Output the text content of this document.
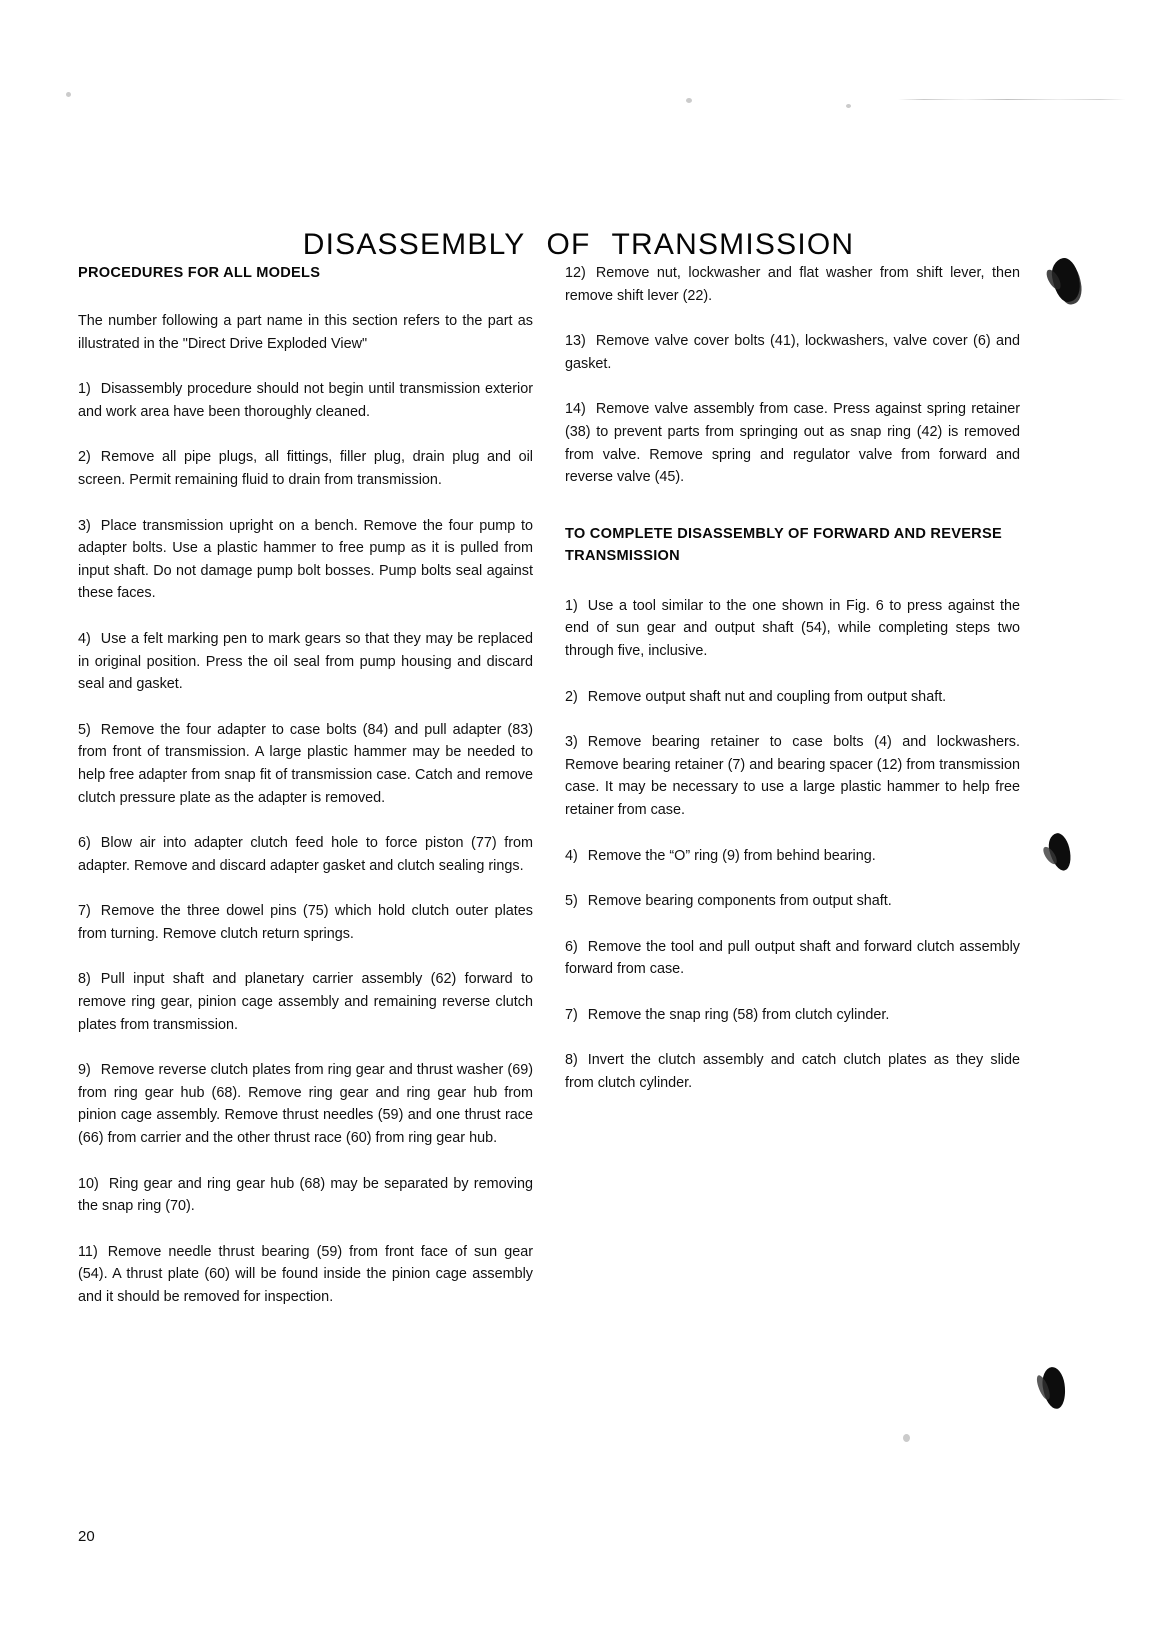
DISASSEMBLY OF TRANSMISSION
PROCEDURES FOR ALL MODELS

The number following a part name in this section refers to the part as illustrated in the "Direct Drive Exploded View"

1) Disassembly procedure should not begin until transmission exterior and work area have been thoroughly cleaned.

2) Remove all pipe plugs, all fittings, filler plug, drain plug and oil screen. Permit remaining fluid to drain from transmission.

3) Place transmission upright on a bench. Remove the four pump to adapter bolts. Use a plastic hammer to free pump as it is pulled from input shaft. Do not damage pump bolt bosses. Pump bolts seal against these faces.

4) Use a felt marking pen to mark gears so that they may be replaced in original position. Press the oil seal from pump housing and discard seal and gasket.

5) Remove the four adapter to case bolts (84) and pull adapter (83) from front of transmission. A large plastic hammer may be needed to help free adapter from snap fit of transmission case. Catch and remove clutch pressure plate as the adapter is removed.

6) Blow air into adapter clutch feed hole to force piston (77) from adapter. Remove and discard adapter gasket and clutch sealing rings.

7) Remove the three dowel pins (75) which hold clutch outer plates from turning. Remove clutch return springs.

8) Pull input shaft and planetary carrier assembly (62) forward to remove ring gear, pinion cage assembly and remaining reverse clutch plates from transmission.

9) Remove reverse clutch plates from ring gear and thrust washer (69) from ring gear hub (68). Remove ring gear and ring gear hub from pinion cage assembly. Remove thrust needles (59) and one thrust race (66) from carrier and the other thrust race (60) from ring gear hub.

10) Ring gear and ring gear hub (68) may be separated by removing the snap ring (70).

11) Remove needle thrust bearing (59) from front face of sun gear (54). A thrust plate (60) will be found inside the pinion cage assembly and it should be removed for inspection.

12) Remove nut, lockwasher and flat washer from shift lever, then remove shift lever (22).

13) Remove valve cover bolts (41), lockwashers, valve cover (6) and gasket.

14) Remove valve assembly from case. Press against spring retainer (38) to prevent parts from springing out as snap ring (42) is removed from valve. Remove spring and regulator valve from forward and reverse valve (45).

TO COMPLETE DISASSEMBLY OF FORWARD AND REVERSE TRANSMISSION

1) Use a tool similar to the one shown in Fig. 6 to press against the end of sun gear and output shaft (54), while completing steps two through five, inclusive.

2) Remove output shaft nut and coupling from output shaft.

3) Remove bearing retainer to case bolts (4) and lockwashers. Remove bearing retainer (7) and bearing spacer (12) from transmission case. It may be necessary to use a large plastic hammer to help free retainer from case.

4) Remove the “O” ring (9) from behind bearing.

5) Remove bearing components from output shaft.

6) Remove the tool and pull output shaft and forward clutch assembly forward from case.

7) Remove the snap ring (58) from clutch cylinder.

8) Invert the clutch assembly and catch clutch plates as they slide from clutch cylinder.

20
